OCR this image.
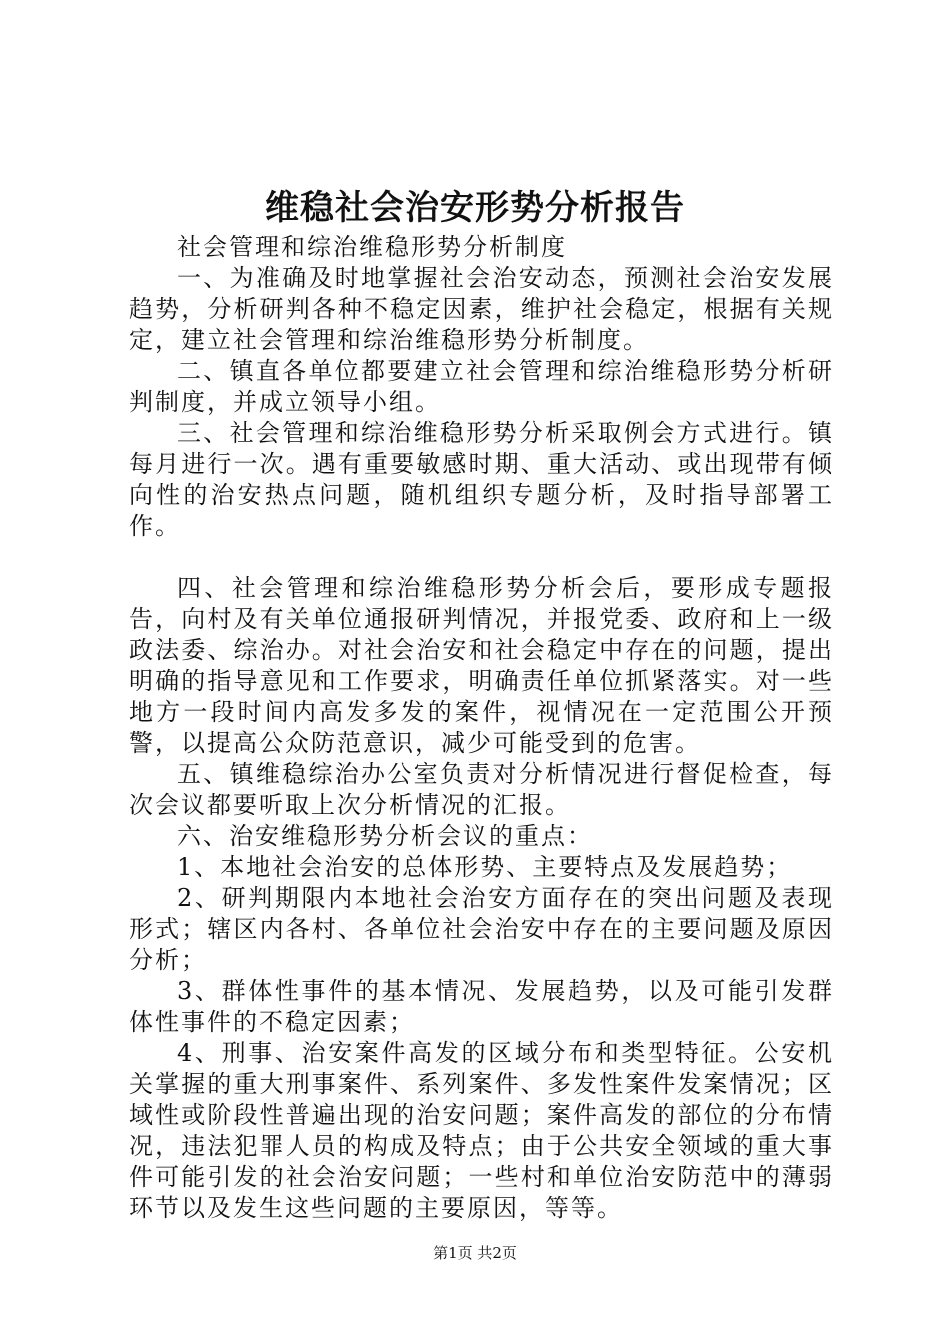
维稳社会治安形势分析报告

社会管理和综治维稳形势分析制度

一、为准确及时地掌握社会治安动态，预测社会治安发展趋势，分析研判各种不稳定因素，维护社会稳定，根据有关规定，建立社会管理和综治维稳形势分析制度。

二、镇直各单位都要建立社会管理和综治维稳形势分析研判制度，并成立领导小组。

三、社会管理和综治维稳形势分析采取例会方式进行。镇每月进行一次。遇有重要敏感时期、重大活动、或出现带有倾向性的治安热点问题，随机组织专题分析，及时指导部署工作。

四、社会管理和综治维稳形势分析会后，要形成专题报告，向村及有关单位通报研判情况，并报党委、政府和上一级政法委、综治办。对社会治安和社会稳定中存在的问题，提出明确的指导意见和工作要求，明确责任单位抓紧落实。对一些地方一段时间内高发多发的案件，视情况在一定范围公开预警，以提高公众防范意识，减少可能受到的危害。

五、镇维稳综治办公室负责对分析情况进行督促检查，每次会议都要听取上次分析情况的汇报。

六、治安维稳形势分析会议的重点：

1、本地社会治安的总体形势、主要特点及发展趋势；

2、研判期限内本地社会治安方面存在的突出问题及表现形式；辖区内各村、各单位社会治安中存在的主要问题及原因分析；

3、群体性事件的基本情况、发展趋势，以及可能引发群体性事件的不稳定因素；

4、刑事、治安案件高发的区域分布和类型特征。公安机关掌握的重大刑事案件、系列案件、多发性案件发案情况；区域性或阶段性普遍出现的治安问题；案件高发的部位的分布情况，违法犯罪人员的构成及特点；由于公共安全领域的重大事件可能引发的社会治安问题；一些村和单位治安防范中的薄弱环节以及发生这些问题的主要原因，等等。

第1页 共2页
